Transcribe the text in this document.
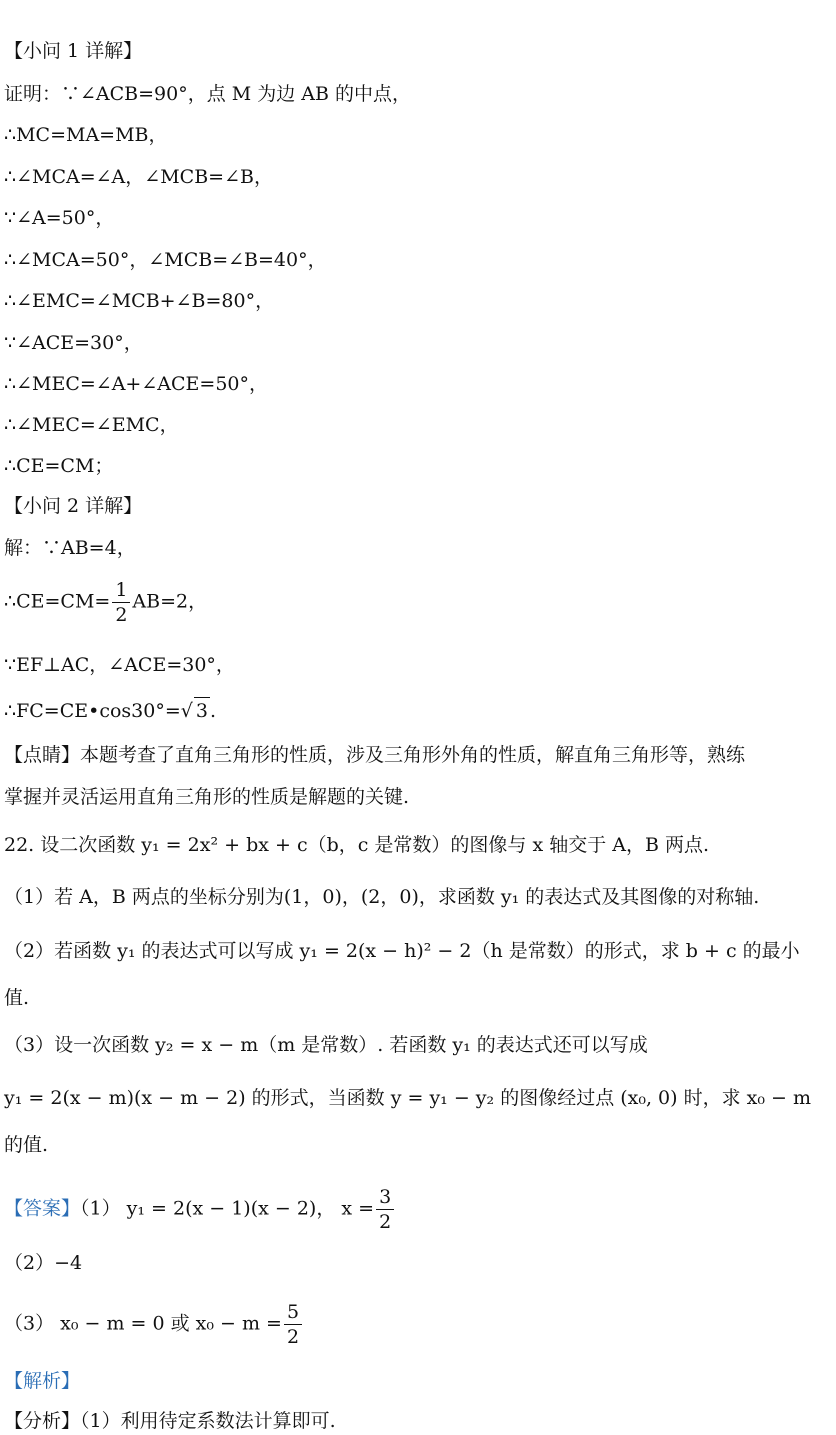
【小问 1 详解】
证明：∵∠ACB=90°，点 M 为边 AB 的中点，
∴MC=MA=MB，
∴∠MCA=∠A，∠MCB=∠B，
∵∠A=50°，
∴∠MCA=50°，∠MCB=∠B=40°，
∴∠EMC=∠MCB+∠B=80°，
∵∠ACE=30°，
∴∠MEC=∠A+∠ACE=50°，
∴∠MEC=∠EMC，
∴CE=CM；
【小问 2 详解】
解：∵AB=4，
∴CE=CM= $\frac{1}{2} AB=2$，
∵EF⊥AC，∠ACE=30°，
∴FC=CE•cos30°=√ 3 .
【点睛】本题考查了直角三角形的性质，涉及三角形外角的性质，解直角三角形等，熟练
掌握并灵活运用直角三角形的性质是解题的关键.
22. 设二次函数 y₁ = 2x² + bx + c（b，c 是常数）的图像与 x 轴交于 A，B 两点.
（1）若 A，B 两点的坐标分别为(1，0)，(2，0)，求函数 y₁ 的表达式及其图像的对称轴.
（2）若函数 y₁ 的表达式可以写成 y₁ = 2(x − h)² − 2（h 是常数）的形式，求 b + c 的最小
值.
（3）设一次函数 y₂ = x − m（m 是常数）. 若函数 y₁ 的表达式还可以写成
y₁ = 2(x − m)(x − m − 2) 的形式，当函数 y = y₁ − y₂ 的图像经过点 (x₀, 0) 时，求 x₀ − m
的值.
【答案】（1） y₁ = 2(x − 1)(x − 2)， $x = \frac{3}{2}$
（2）−4
（3） x₀ − m = 0 或 $x_0 - m = \frac{5}{2}$
【解析】
【分析】（1）利用待定系数法计算即可.
